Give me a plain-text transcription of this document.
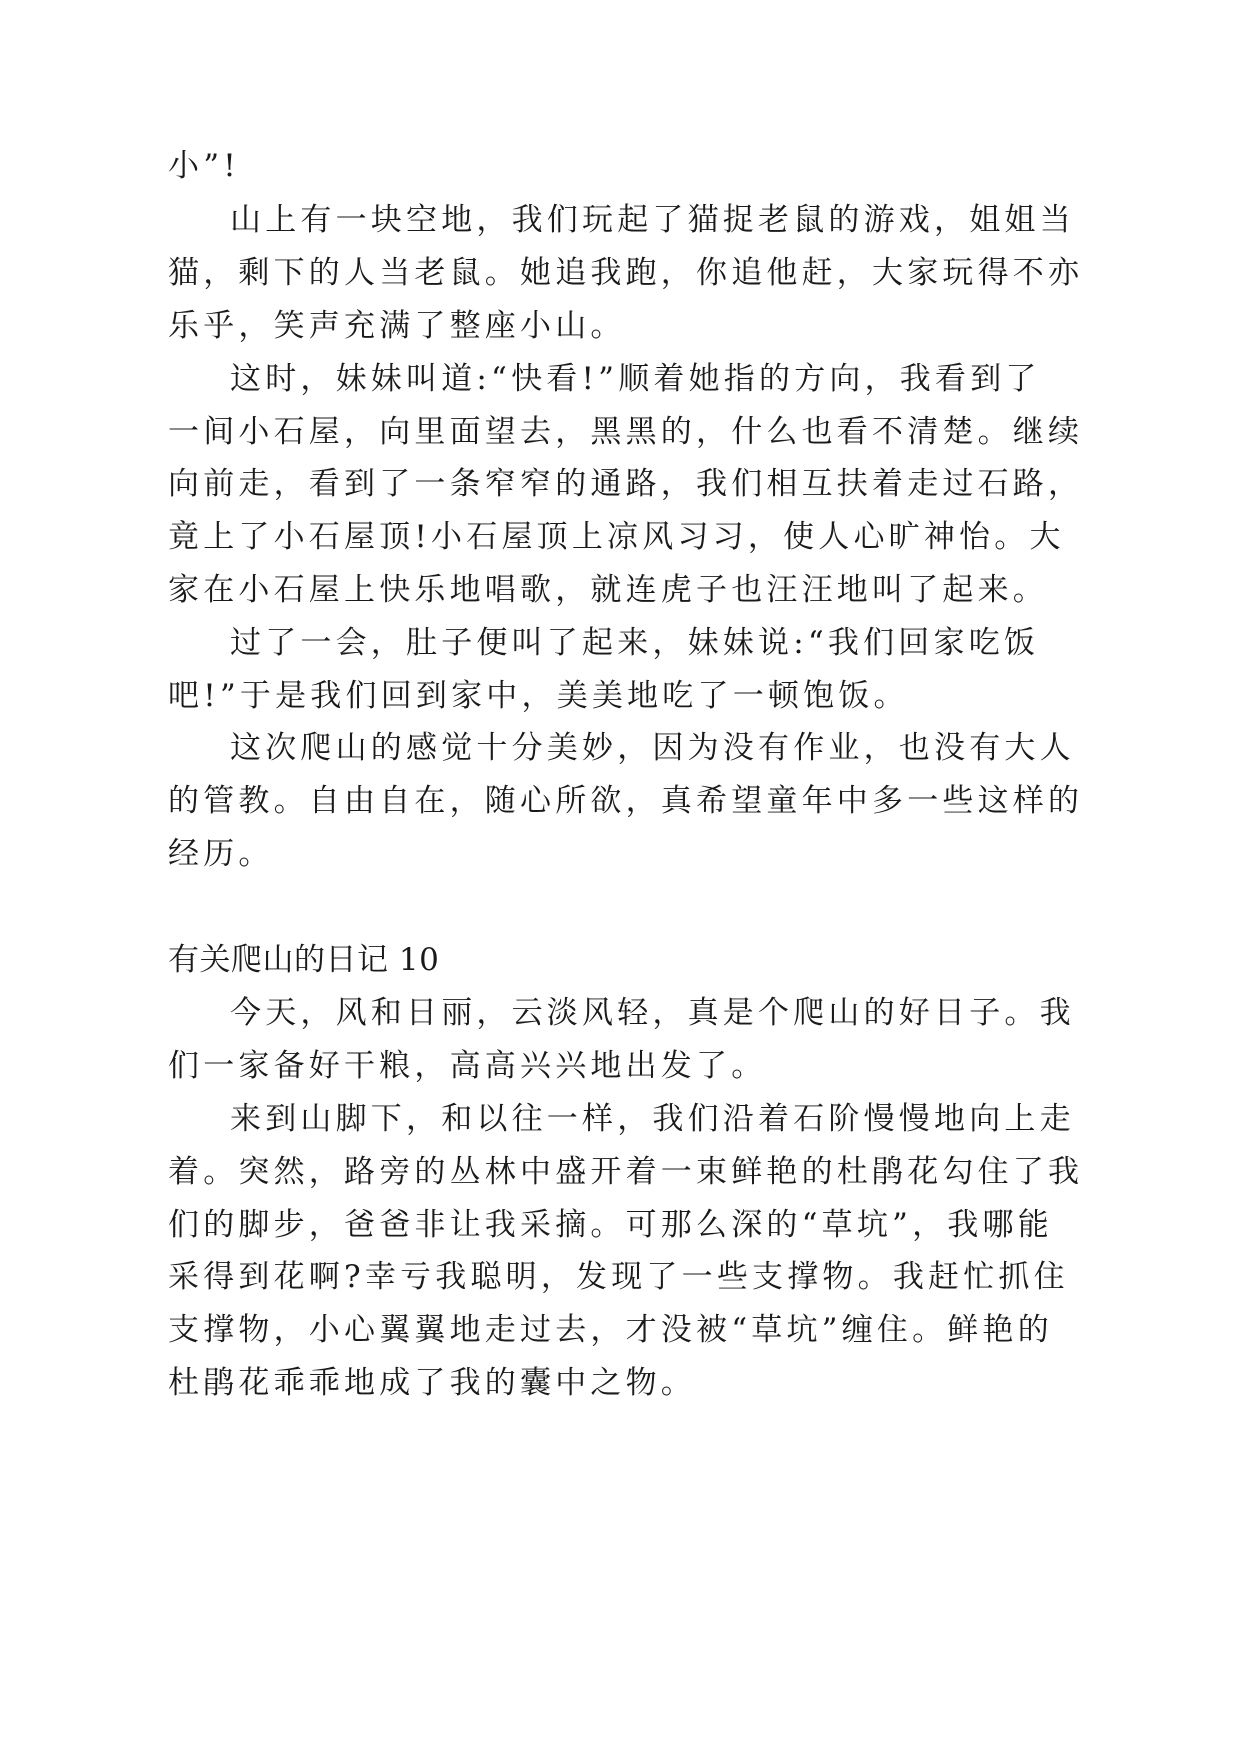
小”!
山上有一块空地，我们玩起了猫捉老鼠的游戏，姐姐当
猫，剩下的人当老鼠。她追我跑，你追他赶，大家玩得不亦
乐乎，笑声充满了整座小山。
这时，妹妹叫道:“快看!”顺着她指的方向，我看到了
一间小石屋，向里面望去，黑黑的，什么也看不清楚。继续
向前走，看到了一条窄窄的通路，我们相互扶着走过石路，
竟上了小石屋顶!小石屋顶上凉风习习，使人心旷神怡。大
家在小石屋上快乐地唱歌，就连虎子也汪汪地叫了起来。
过了一会，肚子便叫了起来，妹妹说:“我们回家吃饭
吧!”于是我们回到家中，美美地吃了一顿饱饭。
这次爬山的感觉十分美妙，因为没有作业，也没有大人
的管教。自由自在，随心所欲，真希望童年中多一些这样的
经历。
有关爬山的日记 10
今天，风和日丽，云淡风轻，真是个爬山的好日子。我
们一家备好干粮，高高兴兴地出发了。
来到山脚下，和以往一样，我们沿着石阶慢慢地向上走
着。突然，路旁的丛林中盛开着一束鲜艳的杜鹃花勾住了我
们的脚步，爸爸非让我采摘。可那么深的“草坑”，我哪能
采得到花啊?幸亏我聪明，发现了一些支撑物。我赶忙抓住
支撑物，小心翼翼地走过去，才没被“草坑”缠住。鲜艳的
杜鹃花乖乖地成了我的囊中之物。
